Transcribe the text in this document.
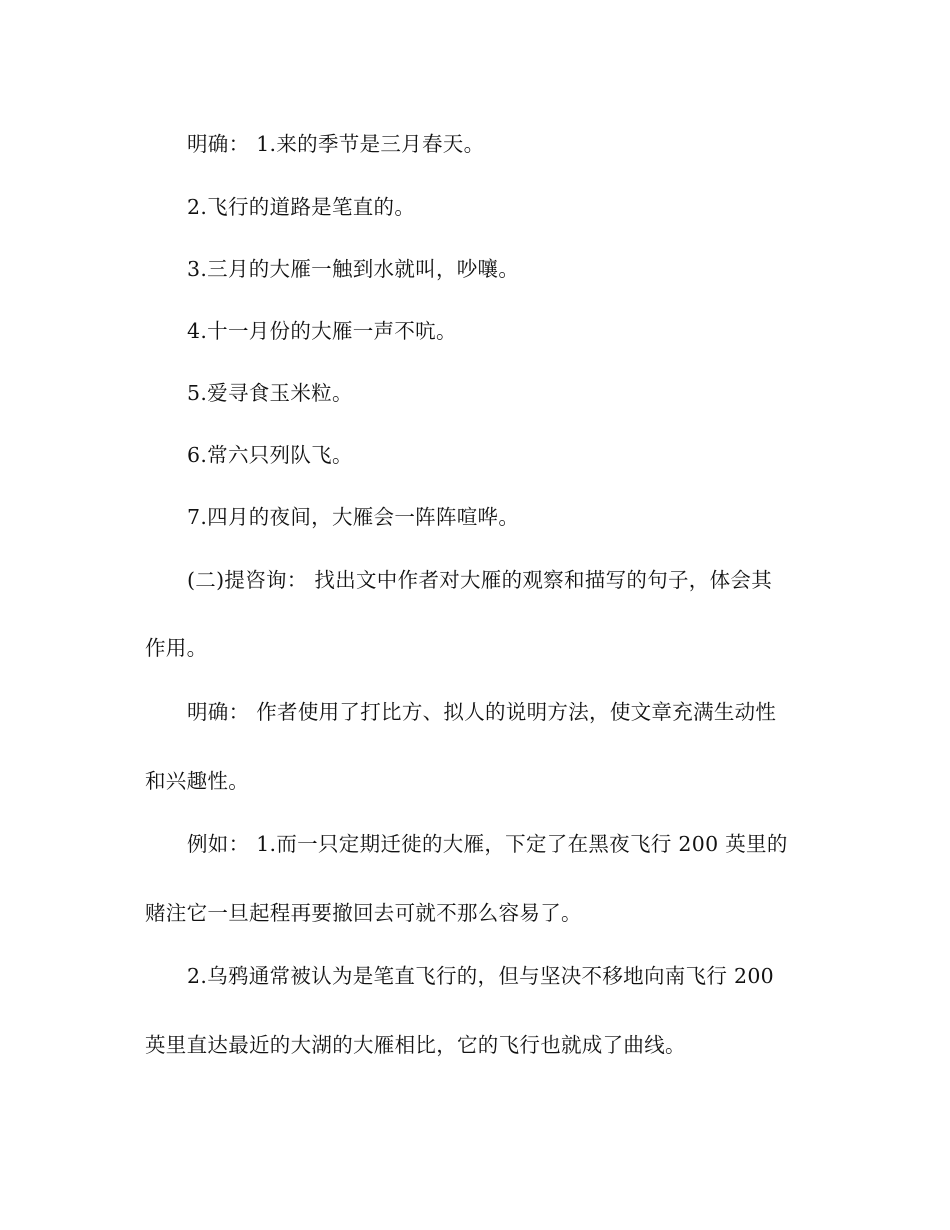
明确： 1.来的季节是三月春天。
2.飞行的道路是笔直的。
3.三月的大雁一触到水就叫，吵嚷。
4.十一月份的大雁一声不吭。
5.爱寻食玉米粒。
6.常六只列队飞。
7.四月的夜间，大雁会一阵阵喧哗。
(二)提咨询： 找出文中作者对大雁的观察和描写的句子，体会其
作用。
明确： 作者使用了打比方、拟人的说明方法，使文章充满生动性
和兴趣性。
例如： 1.而一只定期迁徙的大雁，下定了在黑夜飞行 200 英里的
赌注它一旦起程再要撤回去可就不那么容易了。
2.乌鸦通常被认为是笔直飞行的，但与坚决不移地向南飞行 200
英里直达最近的大湖的大雁相比，它的飞行也就成了曲线。
